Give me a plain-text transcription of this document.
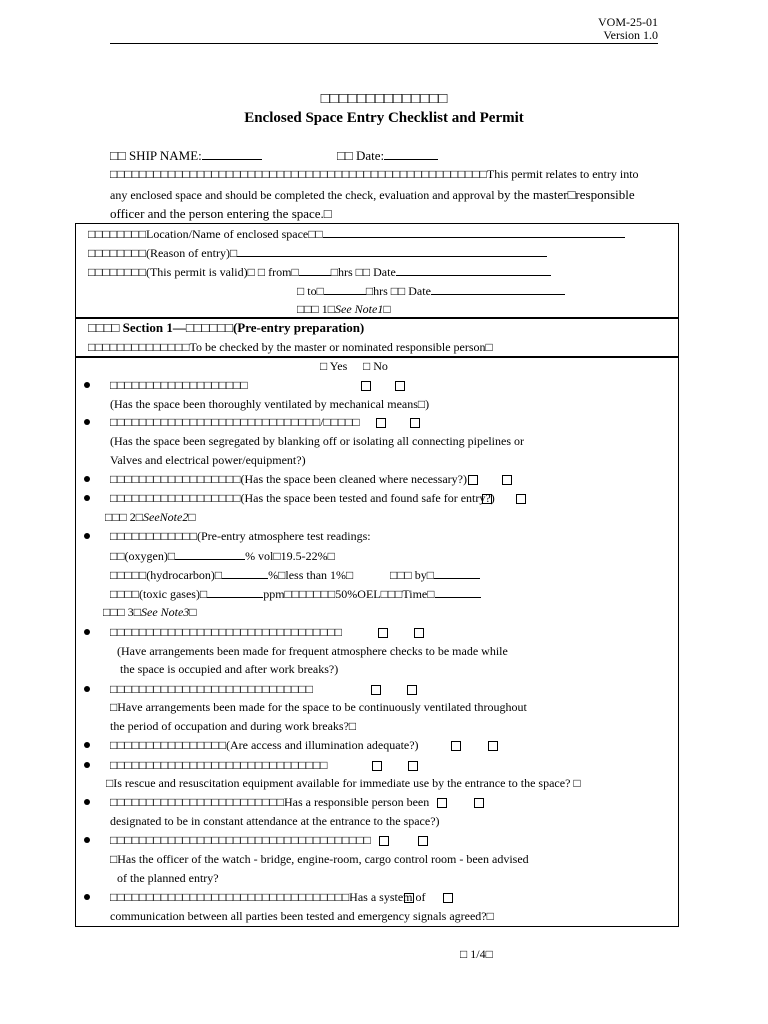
VOM-25-01
Version 1.0
□□□□□□□□□□□□□□
Enclosed Space Entry Checklist and Permit
□□ SHIP NAME:	□□ Date:
□□□□□□□□□□□□□□□□□□□□□□□□□□□□□□□□□□□□□□□□□□□□□□□□□□□□This permit relates to entry into
any enclosed space and should be completed the check, evaluation and approval by the master□responsible
officer and the person entering the space.□
□□□□□□□□Location/Name of enclosed space□□
□□□□□□□□(Reason of entry)□
□□□□□□□□(This permit is valid)□ □ from□	□hrs □□ Date
□ to□	□hrs □□ Date
□□□ 1□See Note1□
□□□□ Section 1—□□□□□□(Pre-entry preparation)
□□□□□□□□□□□□□□To be checked by the master or nominated responsible person□
□ Yes □ No
□□□□□□□□□□□□□□□□□□□
(Has the space been thoroughly ventilated by mechanical means□)
□□□□□□□□□□□□□□□□□□□□□□□□□□□□□/□□□□□
(Has the space been segregated by blanking off or isolating all connecting pipelines or
Valves and electrical power/equipment?)
□□□□□□□□□□□□□□□□□□(Has the space been cleaned where necessary?)
□□□□□□□□□□□□□□□□□□(Has the space been tested and found safe for entry?)
□□□ 2□SeeNote2□
□□□□□□□□□□□□(Pre-entry atmosphere test readings:
□□(oxygen)□	% vol□19.5-22%□
□□□□□(hydrocarbon)□	%□less than 1%□	□□□ by□
□□□□(toxic gases)□	ppm□□□□□□□50%OEL□□□Time□
□□□ 3□See Note3□
□□□□□□□□□□□□□□□□□□□□□□□□□□□□□□□□
(Have arrangements been made for frequent atmosphere checks to be made while
the space is occupied and after work breaks?)
□□□□□□□□□□□□□□□□□□□□□□□□□□□□
□Have arrangements been made for the space to be continuously ventilated throughout
the period of occupation and during work breaks?□
□□□□□□□□□□□□□□□□(Are access and illumination adequate?)
□□□□□□□□□□□□□□□□□□□□□□□□□□□□□□
□Is rescue and resuscitation equipment available for immediate use by the entrance to the space? □
□□□□□□□□□□□□□□□□□□□□□□□□Has a responsible person been
designated to be in constant attendance at the entrance to the space?)
□□□□□□□□□□□□□□□□□□□□□□□□□□□□□□□□□□□□
□Has the officer of the watch - bridge, engine-room, cargo control room - been advised
of the planned entry?
□□□□□□□□□□□□□□□□□□□□□□□□□□□□□□□□□Has a system of
communication between all parties been tested and emergency signals agreed?□
□ 1/4□
